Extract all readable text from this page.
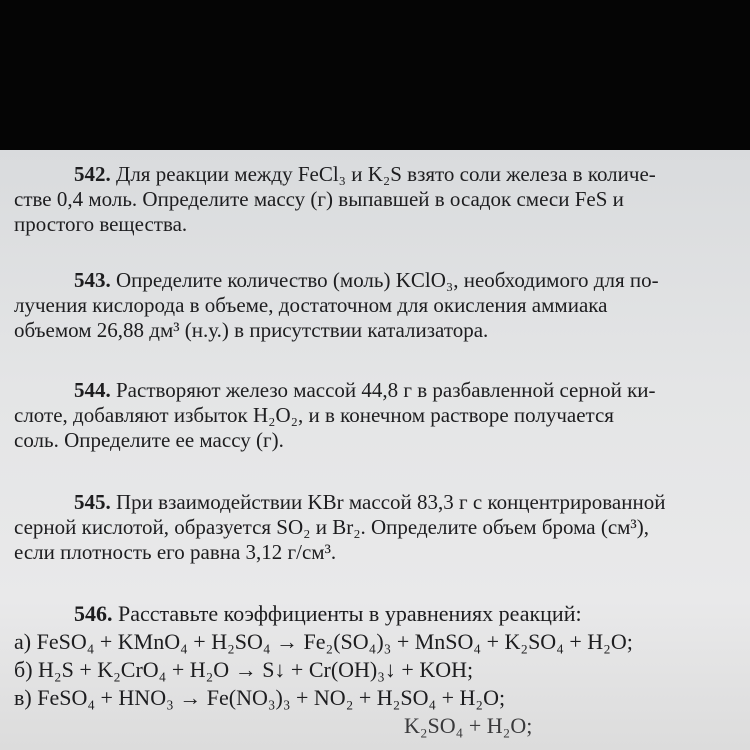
542. Для реакции между FeCl₃ и K₂S взято соли железа в количе-

стве 0,4 моль. Определите массу (г) выпавшей в осадок смеси FeS и

простого вещества.

543. Определите количество (моль) KClO₃, необходимого для по-

лучения кислорода в объеме, достаточном для окисления аммиака

объемом 26,88 дм³ (н.у.) в присутствии катализатора.

544. Растворяют железо массой 44,8 г в разбавленной серной ки-

слоте, добавляют избыток H₂O₂, и в конечном растворе получается

соль. Определите ее массу (г).

545. При взаимодействии KBr массой 83,3 г с концентрированной

серной кислотой, образуется SO₂ и Br₂. Определите объем брома (см³),

если плотность его равна 3,12 г/см³.

546. Расставьте коэффициенты в уравнениях реакций:

а) FeSO₄ + KMnO₄ + H₂SO₄ → Fe₂(SO₄)₃ + MnSO₄ + K₂SO₄ + H₂O;

б) H₂S + K₂CrO₄ + H₂O → S↓ + Cr(OH)₃↓ + KOH;

в) FeSO₄ + HNO₃ → Fe(NO₃)₃ + NO₂ + H₂SO₄ + H₂O;

K₂SO₄ + H₂O;
